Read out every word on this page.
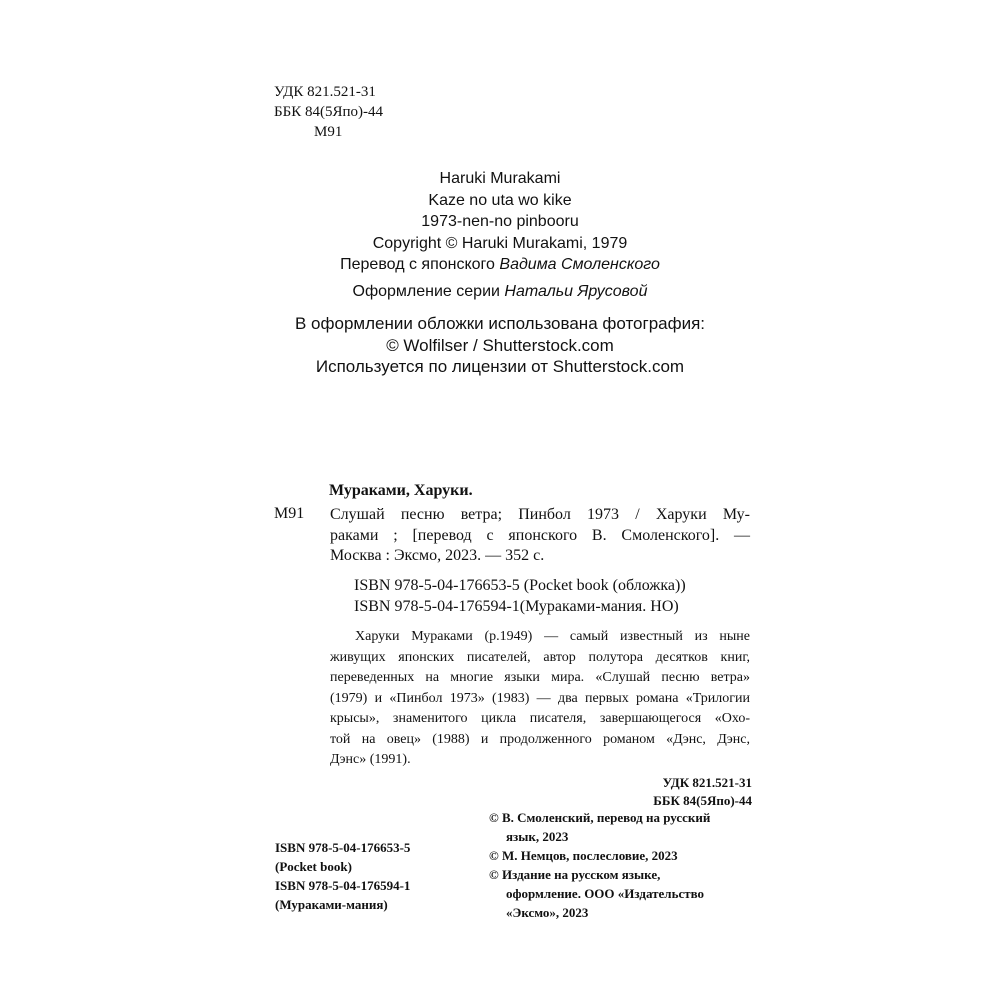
УДК 821.521-31
ББК 84(5Япо)-44
М91
Haruki Murakami
Kaze no uta wo kike
1973-nen-no pinbooru
Copyright © Haruki Murakami, 1979
Перевод с японского Вадима Смоленского
Оформление серии Натальи Ярусовой
В оформлении обложки использована фотография:
© Wolfilser / Shutterstock.com
Используется по лицензии от Shutterstock.com
Мураками, Харуки.
М91 Слушай песню ветра; Пинбол 1973 / Харуки Му-
раками ; [перевод с японского В. Смоленского]. —
Москва : Эксмо, 2023. — 352 с.
ISBN 978-5-04-176653-5 (Pocket book (обложка))
ISBN 978-5-04-176594-1(Мураками-мания. НО)
Харуки Мураками (р.1949) — самый известный из ныне
живущих японских писателей, автор полутора десятков книг,
переведенных на многие языки мира. «Слушай песню ветра»
(1979) и «Пинбол 1973» (1983) — два первых романа «Трилогии
крысы», знаменитого цикла писателя, завершающегося «Охо-
той на овец» (1988) и продолженного романом «Дэнс, Дэнс,
Дэнс» (1991).
УДК 821.521-31
ББК 84(5Япо)-44
ISBN 978-5-04-176653-5
(Pocket book)
ISBN 978-5-04-176594-1
(Мураками-мания)
© В. Смоленский, перевод на русский
язык, 2023
© М. Немцов, послесловие, 2023
© Издание на русском языке,
оформление. ООО «Издательство
«Эксмо», 2023
